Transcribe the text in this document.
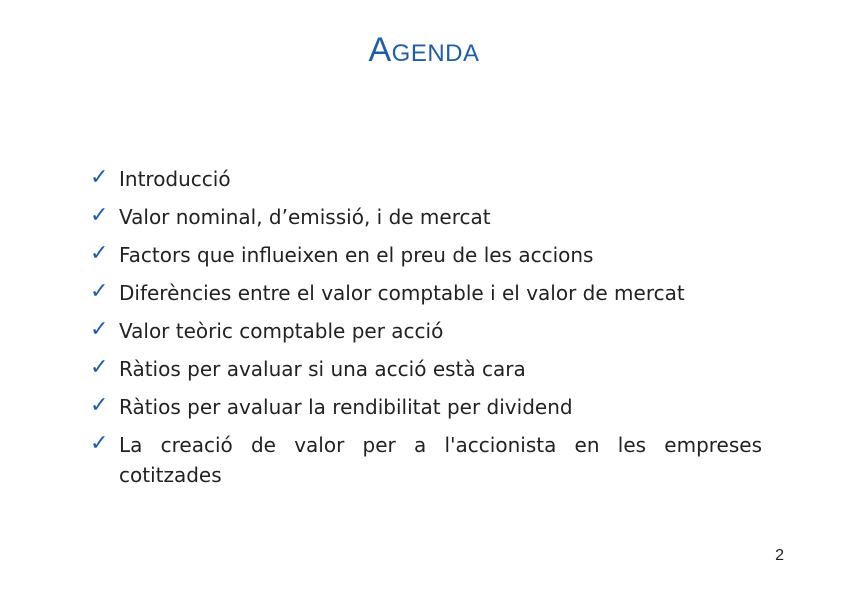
Agenda
✓ Introducció
✓ Valor nominal, d’emissió, i de mercat
✓ Factors que influeixen en el preu de les accions
✓ Diferències entre el valor comptable i el valor de mercat
✓ Valor teòric comptable per acció
✓ Ràtios per avaluar si una acció està cara
✓ Ràtios per avaluar la rendibilitat per dividend
✓ La creació de valor per a l'accionista en les empreses cotitzades
2
